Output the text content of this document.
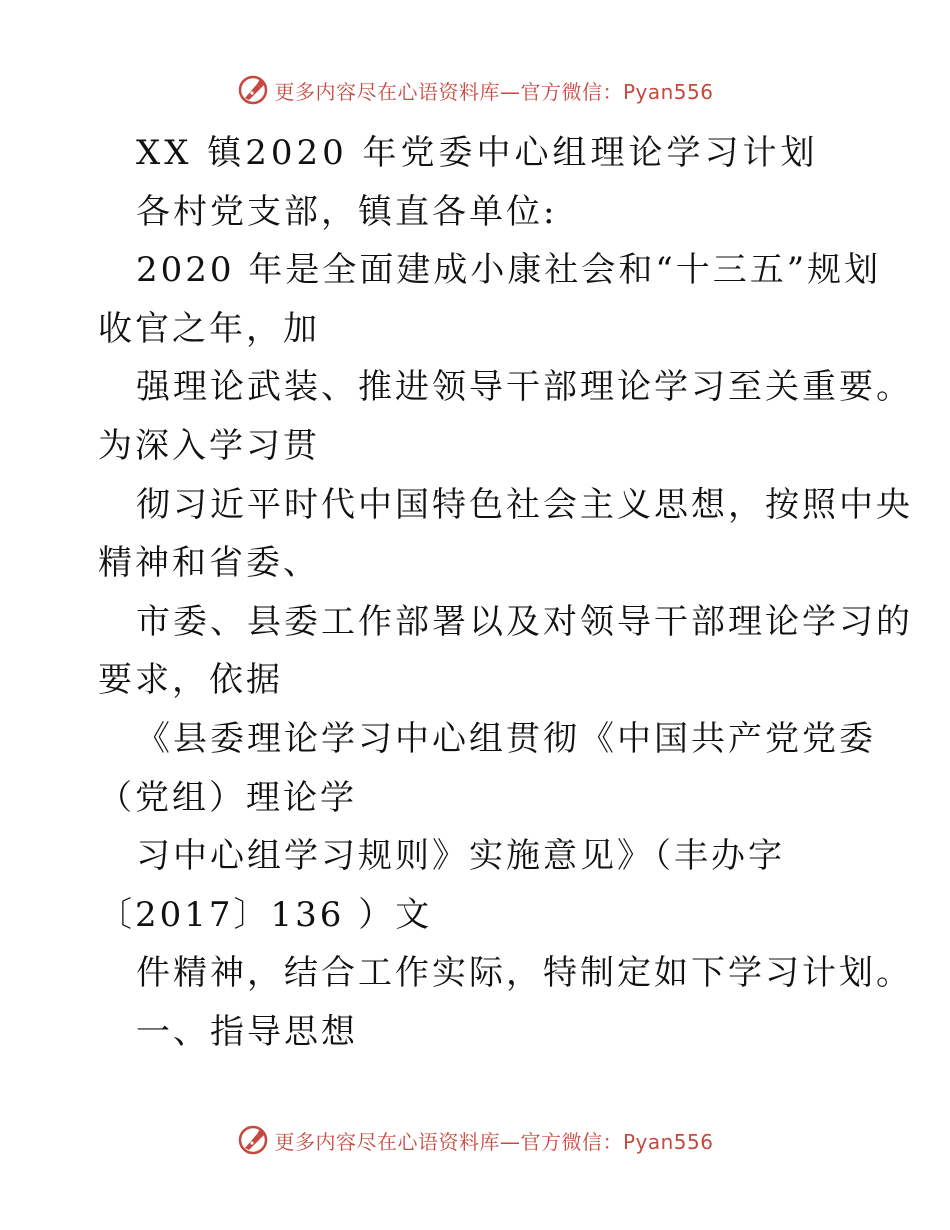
更多内容尽在心语资料库—官方微信：Pyan556
XX 镇2020 年党委中心组理论学习计划
各村党支部，镇直各单位:
2020 年是全面建成小康社会和“十三五”规划
收官之年，加
强理论武装、推进领导干部理论学习至关重要。
为深入学习贯
彻习近平时代中国特色社会主义思想，按照中央
精神和省委、
市委、县委工作部署以及对领导干部理论学习的
要求，依据
《县委理论学习中心组贯彻《中国共产党党委
（党组）理论学
习中心组学习规则》实施意见》（丰办字
〔2017〕136 ）文
件精神，结合工作实际，特制定如下学习计划。
一、指导思想
更多内容尽在心语资料库—官方微信：Pyan556
